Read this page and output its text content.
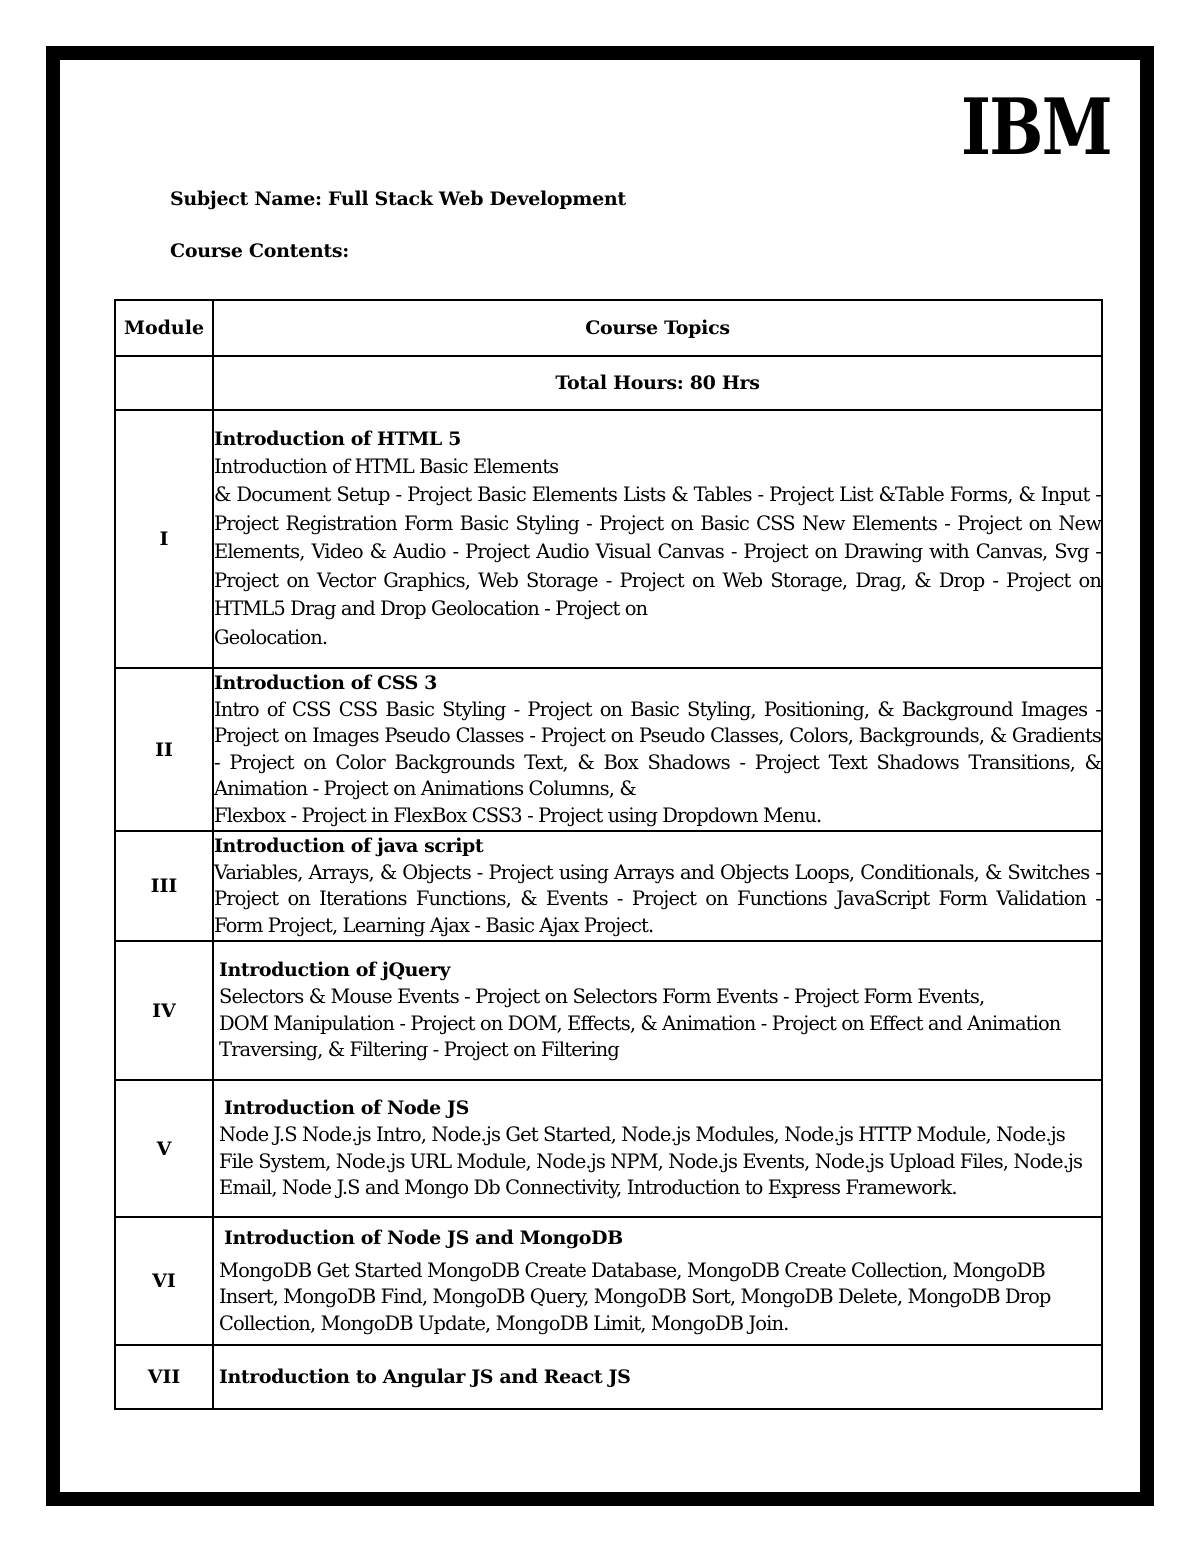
IBM
Subject Name: Full Stack Web Development
Course Contents:
Module	Course Topics
	Total Hours: 80 Hrs
I	Introduction of HTML 5
Introduction of HTML Basic Elements
& Document Setup - Project Basic Elements Lists & Tables - Project List &Table Forms, & Input - Project Registration Form Basic Styling - Project on Basic CSS New Elements - Project on New Elements, Video & Audio - Project Audio Visual Canvas - Project on Drawing with Canvas, Svg - Project on Vector Graphics, Web Storage - Project on Web Storage, Drag, & Drop - Project on HTML5 Drag and Drop Geolocation - Project on
Geolocation.

II	Introduction of CSS 3
Intro of CSS CSS Basic Styling - Project on Basic Styling, Positioning, & Background Images - Project on Images Pseudo Classes - Project on Pseudo Classes, Colors, Backgrounds, & Gradients - Project on Color Backgrounds Text, & Box Shadows - Project Text Shadows Transitions, & Animation - Project on Animations Columns, &
Flexbox - Project in FlexBox CSS3 - Project using Dropdown Menu.

III	Introduction of java script
Variables, Arrays, & Objects - Project using Arrays and Objects Loops, Conditionals, & Switches - Project on Iterations Functions, & Events - Project on Functions JavaScript Form Validation - Form Project, Learning Ajax - Basic Ajax Project.

IV	Introduction of jQuery
Selectors & Mouse Events - Project on Selectors Form Events - Project Form Events,
DOM Manipulation - Project on DOM, Effects, & Animation - Project on Effect and Animation Traversing, & Filtering - Project on Filtering

V	Introduction of Node JS
Node J.S Node.js Intro, Node.js Get Started, Node.js Modules, Node.js HTTP Module, Node.js File System, Node.js URL Module, Node.js NPM, Node.js Events, Node.js Upload Files, Node.js Email, Node J.S and Mongo Db Connectivity, Introduction to Express Framework.

VI	Introduction of Node JS and MongoDB
MongoDB Get Started MongoDB Create Database, MongoDB Create Collection, MongoDB Insert, MongoDB Find, MongoDB Query, MongoDB Sort, MongoDB Delete, MongoDB Drop Collection, MongoDB Update, MongoDB Limit, MongoDB Join.

VII	Introduction to Angular JS and React JS
